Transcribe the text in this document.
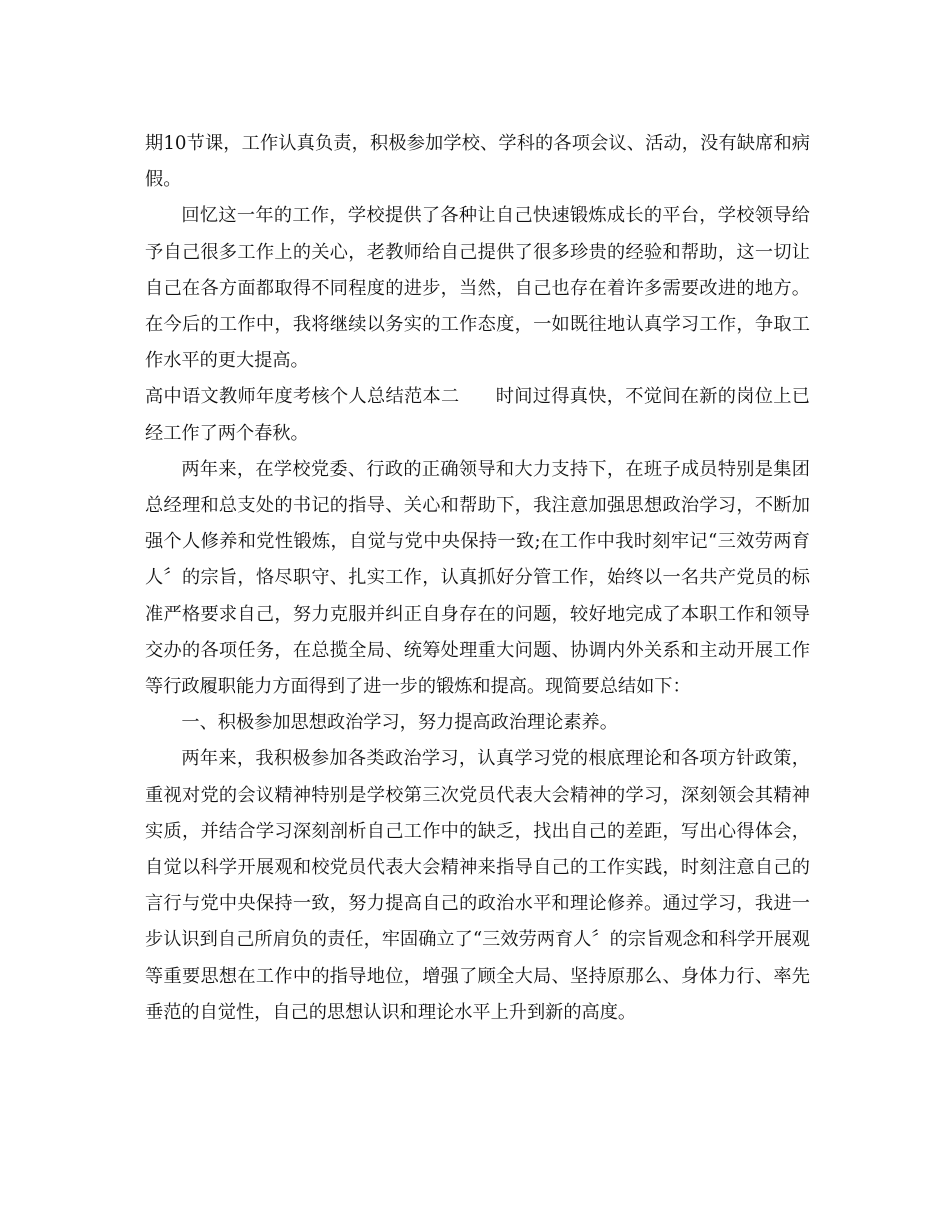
期10节课，工作认真负责，积极参加学校、学科的各项会议、活动，没有缺席和病假。

回忆这一年的工作，学校提供了各种让自己快速锻炼成长的平台，学校领导给予自己很多工作上的关心，老教师给自己提供了很多珍贵的经验和帮助，这一切让自己在各方面都取得不同程度的进步，当然，自己也存在着许多需要改进的地方。在今后的工作中，我将继续以务实的工作态度，一如既往地认真学习工作，争取工作水平的更大提高。

高中语文教师年度考核个人总结范本二 时间过得真快，不觉间在新的岗位上已经工作了两个春秋。

两年来，在学校党委、行政的正确领导和大力支持下，在班子成员特别是集团总经理和总支处的书记的指导、关心和帮助下，我注意加强思想政治学习，不断加强个人修养和党性锻炼，自觉与党中央保持一致;在工作中我时刻牢记“三效劳两育人〞的宗旨，恪尽职守、扎实工作，认真抓好分管工作，始终以一名共产党员的标准严格要求自己，努力克服并纠正自身存在的问题，较好地完成了本职工作和领导交办的各项任务，在总揽全局、统筹处理重大问题、协调内外关系和主动开展工作等行政履职能力方面得到了进一步的锻炼和提高。现简要总结如下：

一、积极参加思想政治学习，努力提高政治理论素养。

两年来，我积极参加各类政治学习，认真学习党的根底理论和各项方针政策，重视对党的会议精神特别是学校第三次党员代表大会精神的学习，深刻领会其精神实质，并结合学习深刻剖析自己工作中的缺乏，找出自己的差距，写出心得体会，自觉以科学开展观和校党员代表大会精神来指导自己的工作实践，时刻注意自己的言行与党中央保持一致，努力提高自己的政治水平和理论修养。通过学习，我进一步认识到自己所肩负的责任，牢固确立了“三效劳两育人〞的宗旨观念和科学开展观等重要思想在工作中的指导地位，增强了顾全大局、坚持原那么、身体力行、率先垂范的自觉性，自己的思想认识和理论水平上升到新的高度。
